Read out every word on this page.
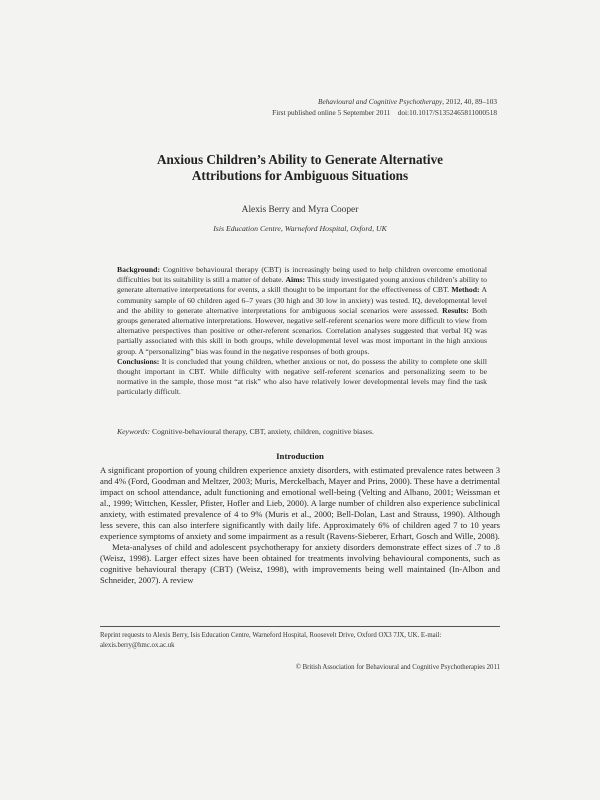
Behavioural and Cognitive Psychotherapy, 2012, 40, 89–103
First published online 5 September 2011 doi:10.1017/S1352465811000518
Anxious Children’s Ability to Generate Alternative
Attributions for Ambiguous Situations
Alexis Berry and Myra Cooper
Isis Education Centre, Warneford Hospital, Oxford, UK
Background: Cognitive behavioural therapy (CBT) is increasingly being used to help children overcome emotional difficulties but its suitability is still a matter of debate. Aims: This study investigated young anxious children’s ability to generate alternative interpretations for events, a skill thought to be important for the effectiveness of CBT. Method: A community sample of 60 children aged 6–7 years (30 high and 30 low in anxiety) was tested. IQ, developmental level and the ability to generate alternative interpretations for ambiguous social scenarios were assessed. Results: Both groups generated alternative interpretations. However, negative self-referent scenarios were more difficult to view from alternative perspectives than positive or other-referent scenarios. Correlation analyses suggested that verbal IQ was partially associated with this skill in both groups, while developmental level was most important in the high anxious group. A “personalizing” bias was found in the negative responses of both groups.
Conclusions: It is concluded that young children, whether anxious or not, do possess the ability to complete one skill thought important in CBT. While difficulty with negative self-referent scenarios and personalizing seem to be normative in the sample, those most “at risk” who also have relatively lower developmental levels may find the task particularly difficult.
Keywords: Cognitive-behavioural therapy, CBT, anxiety, children, cognitive biases.
Introduction

A significant proportion of young children experience anxiety disorders, with estimated prevalence rates between 3 and 4% (Ford, Goodman and Meltzer, 2003; Muris, Merckelbach, Mayer and Prins, 2000). These have a detrimental impact on school attendance, adult functioning and emotional well-being (Velting and Albano, 2001; Weissman et al., 1999; Wittchen, Kessler, Pfister, Hofler and Lieb, 2000). A large number of children also experience subclinical anxiety, with estimated prevalence of 4 to 9% (Muris et al., 2000; Bell-Dolan, Last and Strauss, 1990). Although less severe, this can also interfere significantly with daily life. Approximately 6% of children aged 7 to 10 years experience symptoms of anxiety and some impairment as a result (Ravens-Sieberer, Erhart, Gosch and Wille, 2008).

Meta-analyses of child and adolescent psychotherapy for anxiety disorders demonstrate effect sizes of .7 to .8 (Weisz, 1998). Larger effect sizes have been obtained for treatments involving behavioural components, such as cognitive behavioural therapy (CBT) (Weisz, 1998), with improvements being well maintained (In-Albon and Schneider, 2007). A review

Reprint requests to Alexis Berry, Isis Education Centre, Warneford Hospital, Roosevelt Drive, Oxford OX3 7JX, UK. E-mail: alexis.berry@hmc.ox.ac.uk
© British Association for Behavioural and Cognitive Psychotherapies 2011
